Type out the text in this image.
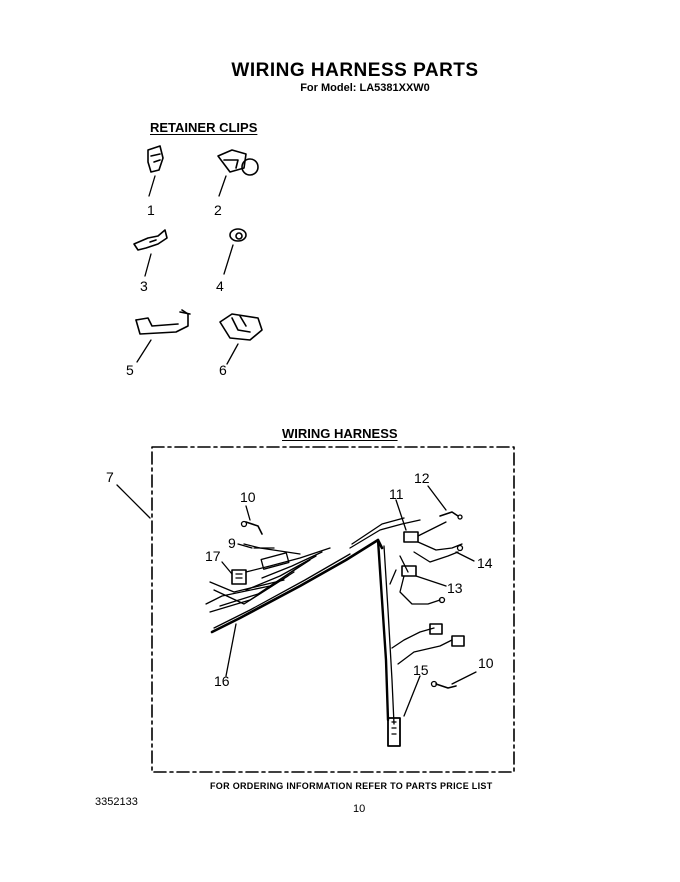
WIRING HARNESS PARTS
For Model: LA5381XXW0
RETAINER CLIPS
WIRING HARNESS
1	2
3	4
5	6
7
10
9
17
11
12
14
13
15	10
16
FOR ORDERING INFORMATION REFER TO PARTS PRICE LIST
3352133
10
